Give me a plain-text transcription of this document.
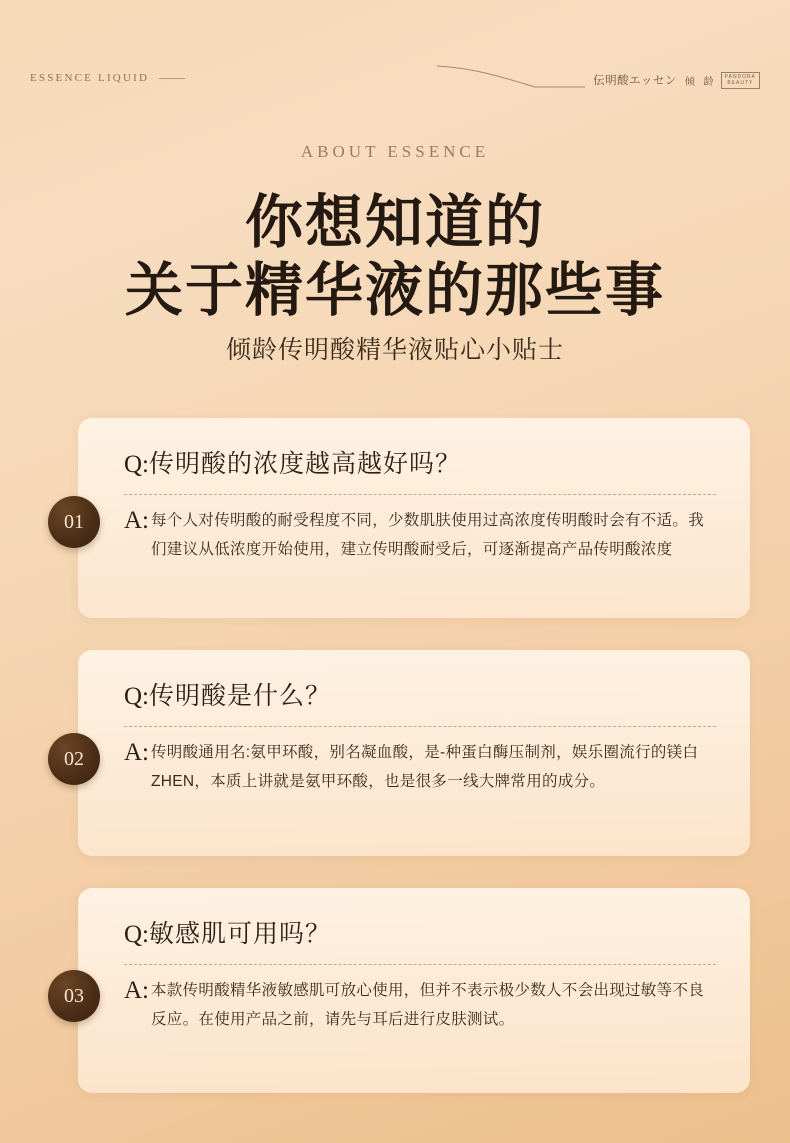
ESSENCE LIQUID	伝明酸エッセン 倾 龄 PANDORA
BEAUTY
ABOUT ESSENCE
你想知道的
关于精华液的那些事
倾龄传明酸精华液贴心小贴士
Q:传明酸的浓度越高越好吗？
A: 每个人对传明酸的耐受程度不同，少数肌肤使用过高浓度传明酸时会有不适。我们建议从低浓度开始使用，建立传明酸耐受后，可逐渐提高产品传明酸浓度
01
Q:传明酸是什么？
A: 传明酸通用名:氨甲环酸，别名凝血酸，是-种蛋白酶压制剂，娱乐圈流行的镁白ZHEN，本质上讲就是氨甲环酸，也是很多一线大牌常用的成分。
02
Q:敏感肌可用吗？
A: 本款传明酸精华液敏感肌可放心使用，但并不表示极少数人不会出现过敏等不良反应。在使用产品之前，请先与耳后进行皮肤测试。
03
